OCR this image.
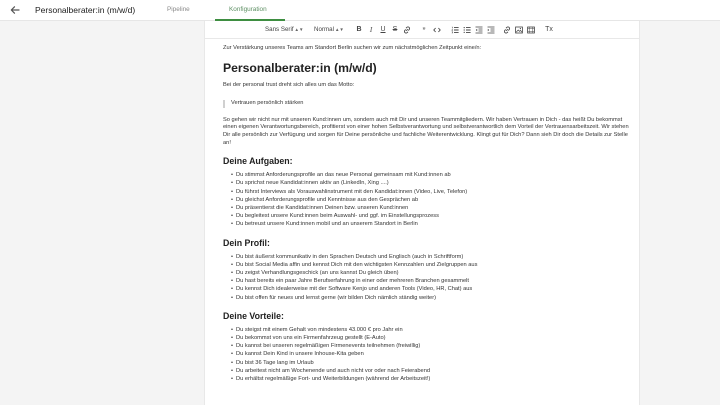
Personalberater:in (m/w/d)	Pipeline	Konfiguration
Sans Serif▲▼ Normal▲▼	B	I	U	S	”	Tx
Zur Verstärkung unseres Teams am Standort Berlin suchen wir zum nächstmöglichen Zeitpunkt eine/n:
Personalberater:in (m/w/d)
Bei der personal trust dreht sich alles um das Motto:
Vertrauen persönlich stärken
So gehen wir nicht nur mit unseren Kund:innen um, sondern auch mit Dir und unseren Teammitgliedern. Wir haben Vertrauen in Dich - das heißt Du bekommst einen eigenen Verantwortungsbereich, profitierst von einer hohen Selbstverantwortung und selbstverantwortlich dem Vorteil der Vertrauensarbeitszeit. Wir stehen Dir alle persönlich zur Verfügung und sorgen für Deine persönliche und fachliche Weiterentwicklung. Klingt gut für Dich? Dann sieh Dir doch die Details zur Stelle an!
Deine Aufgaben:
• Du stimmst Anforderungsprofile an das neue Personal gemeinsam mit Kund:innen ab
• Du sprichst neue Kandidat:innen aktiv an (LinkedIn, Xing ....)
• Du führst Interviews als Vorauswahlinstrument mit den Kandidat:innen (Video, Live, Telefon)
• Du gleichst Anforderungsprofile und Kenntnisse aus den Gesprächen ab
• Du präsentierst die Kandidat:innen Deinen bzw. unseren Kund:innen
• Du begleitest unsere Kund:innen beim Auswahl- und ggf. im Einstellungsprozess
• Du betreust unsere Kund:innen mobil und an unserem Standort in Berlin
Dein Profil:
• Du bist äußerst kommunikativ in den Sprachen Deutsch und Englisch (auch in Schriftform)
• Du bist Social Media affin und kennst Dich mit den wichtigsten Kennzahlen und Zielgruppen aus
• Du zeigst Verhandlungsgeschick (an uns kannst Du gleich üben)
• Du hast bereits ein paar Jahre Berufserfahrung in einer oder mehreren Branchen gesammelt
• Du kennst Dich idealerweise mit der Software Kenjo und anderen Tools (Video, HR, Chat) aus
• Du bist offen für neues und lernst gerne (wir bilden Dich nämlich ständig weiter)
Deine Vorteile:
• Du steigst mit einem Gehalt von mindestens 43.000 € pro Jahr ein
• Du bekommst von uns ein Firmenfahrzeug gestellt (E-Auto)
• Du kannst bei unseren regelmäßigen Firmenevents teilnehmen (freiwillig)
• Du kannst Dein Kind in unsere Inhouse-Kita geben
• Du bist 36 Tage lang im Urlaub
• Du arbeitest nicht am Wochenende und auch nicht vor oder nach Feierabend
• Du erhältst regelmäßige Fort- und Weiterbildungen (während der Arbeitszeit!)
